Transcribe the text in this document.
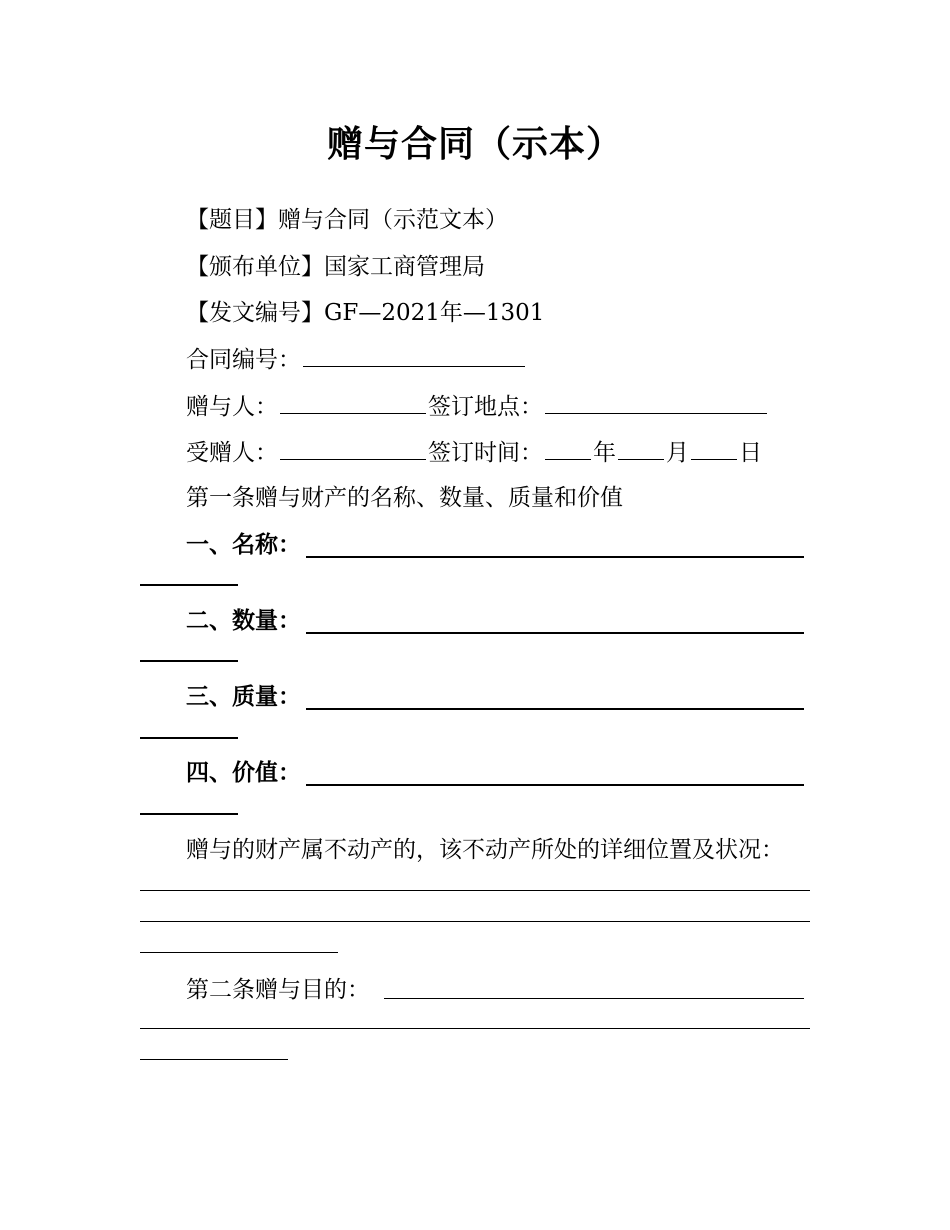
赠与合同（示本）
【题目】赠与合同（示范文本）
【颁布单位】国家工商管理局
【发文编号】GF—2021年—1301
合同编号：
赠与人：	签订地点：
受赠人：	签订时间： 年 月 日
第一条赠与财产的名称、数量、质量和价值
一、名称：
二、数量：
三、质量：
四、价值：
赠与的财产属不动产的，该不动产所处的详细位置及状况：
第二条赠与目的：
